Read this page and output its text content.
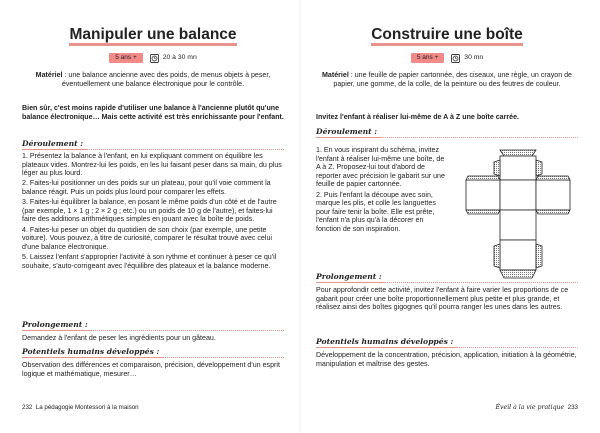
Manipuler une balance
5 ans +	20 à 30 mn

Matériel : une balance ancienne avec des poids, de menus objets à peser, éventuellement une balance électronique pour le contrôle.

Bien sûr, c'est moins rapide d'utiliser une balance à l'ancienne plutôt qu'une balance électronique… Mais cette activité est très enrichissante pour l'enfant.

Déroulement :

1. Présentez la balance à l'enfant, en lui expliquant comment on équilibre les plateaux vides. Montrez-lui les poids, en les lui faisant peser dans sa main, du plus léger au plus lourd.

2. Faites-lui positionner un des poids sur un plateau, pour qu'il voie comment la balance réagit. Puis un poids plus lourd pour comparer les effets.

3. Faites-lui équilibrer la balance, en posant le même poids d'un côté et de l'autre (par exemple, 1 × 1 g ; 2 × 2 g ; etc.) ou un poids de 10 g de l'autre), et faites-lui faire des additions arithmétiques simples en jouant avec la boîte de poids.

4. Faites-lui peser un objet du quotidien de son choix (par exemple, une petite voiture). Vous pouvez, à titre de curiosité, comparer le résultat trouvé avec celui d'une balance électronique.

5. Laissez l'enfant s'approprier l'activité à son rythme et continuer à peser ce qu'il souhaite, s'auto-corrigeant avec l'équilibre des plateaux et la balance moderne.

Prolongement :

Demandez à l'enfant de peser les ingrédients pour un gâteau.

Potentiels humains développés :

Observation des différences et comparaison, précision, développement d'un esprit logique et mathématique, mesurer…

232 La pédagogie Montessori à la maison
Construire une boîte
5 ans +	30 mn

Matériel : une feuille de papier cartonnée, des ciseaux, une règle, un crayon de papier, une gomme, de la colle, de la peinture ou des feutres de couleur.

Invitez l'enfant à réaliser lui-même de A à Z une boîte carrée.

Déroulement :

1. En vous inspirant du schéma, invitez l'enfant à réaliser lui-même une boîte, de A à Z. Proposez-lui tout d'abord de reporter avec précision le gabarit sur une feuille de papier cartonnée.

2. Puis l'enfant la découpe avec soin, marque les plis, et colle les languettes pour faire tenir la boîte. Elle est prête, l'enfant n'a plus qu'à la décorer en fonction de son inspiration.

Prolongement :

Pour approfondir cette activité, invitez l'enfant à faire varier les proportions de ce gabarit pour créer une boîte proportionnellement plus petite et plus grande, et réalisez ainsi des boîtes gigognes qu'il pourra ranger les unes dans les autres.

Potentiels humains développés :

Développement de la concentration, précision, application, initiation à la géométrie, manipulation et maîtrise des gestes.

Éveil à la vie pratique 233
